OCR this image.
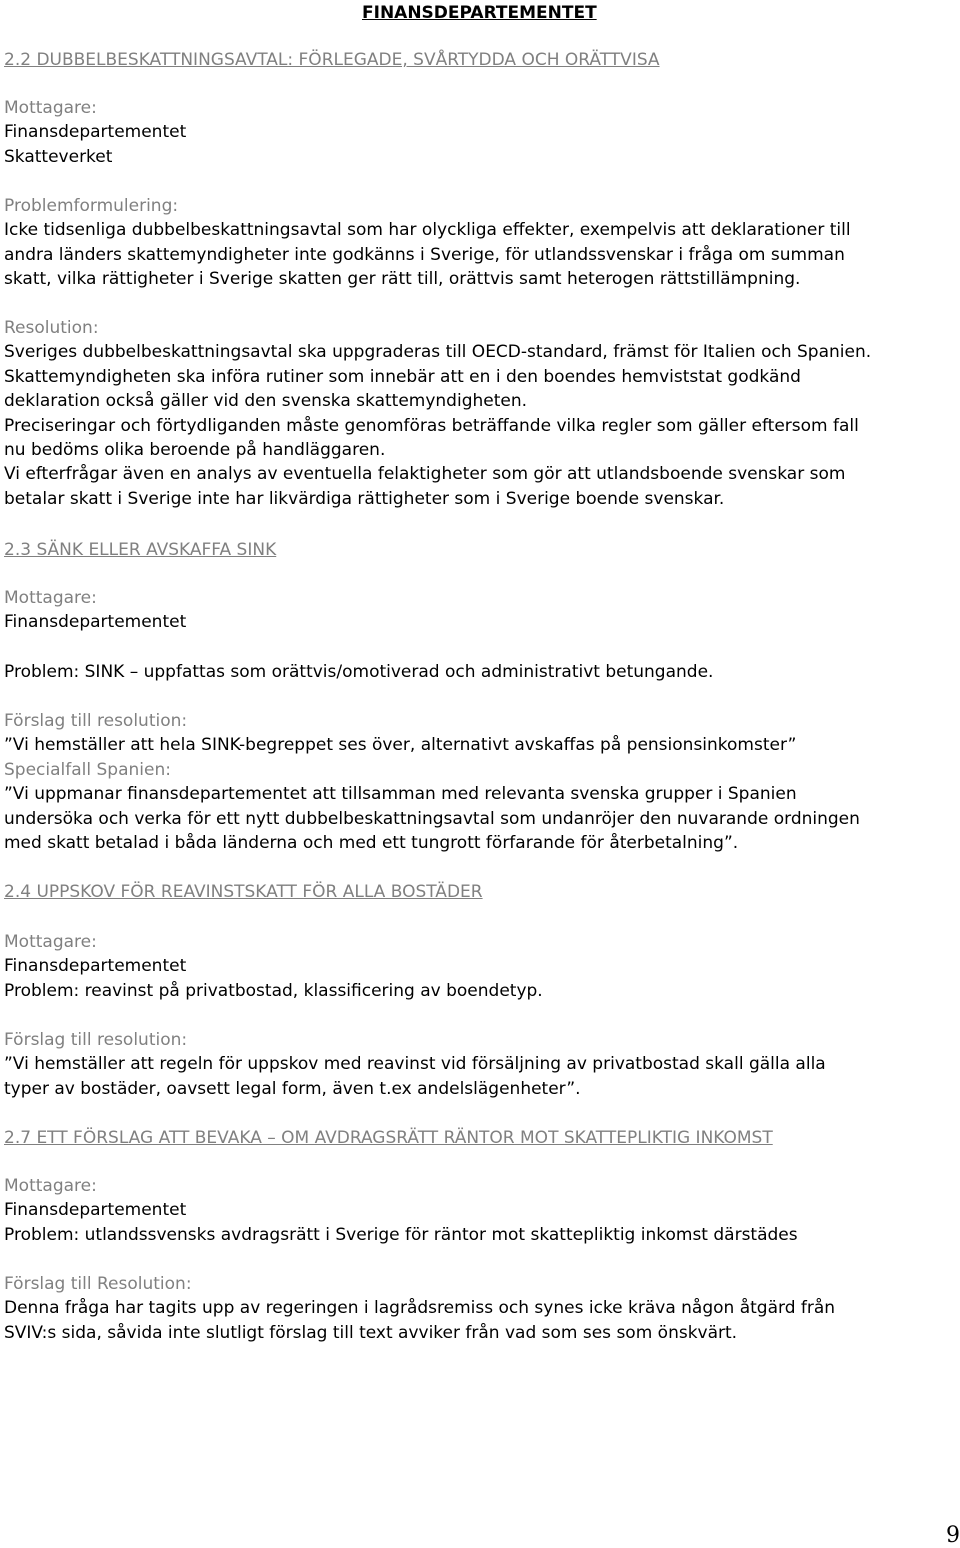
FINANSDEPARTEMENTET
2.2 DUBBELBESKATTNINGSAVTAL: FÖRLEGADE, SVÅRTYDDA OCH ORÄTTVISA
Mottagare:
Finansdepartementet
Skatteverket
Problemformulering:
Icke tidsenliga dubbelbeskattningsavtal som har olyckliga effekter, exempelvis att deklarationer till
andra länders skattemyndigheter inte godkänns i Sverige, för utlandssvenskar i fråga om summan
skatt, vilka rättigheter i Sverige skatten ger rätt till, orättvis samt heterogen rättstillämpning.
Resolution:
Sveriges dubbelbeskattningsavtal ska uppgraderas till OECD-standard, främst för Italien och Spanien.
Skattemyndigheten ska införa rutiner som innebär att en i den boendes hemviststat godkänd
deklaration också gäller vid den svenska skattemyndigheten.
Preciseringar och förtydliganden måste genomföras beträffande vilka regler som gäller eftersom fall
nu bedöms olika beroende på handläggaren.
Vi efterfrågar även en analys av eventuella felaktigheter som gör att utlandsboende svenskar som
betalar skatt i Sverige inte har likvärdiga rättigheter som i Sverige boende svenskar.
2.3 SÄNK ELLER AVSKAFFA SINK
Mottagare:
Finansdepartementet
Problem: SINK – uppfattas som orättvis/omotiverad och administrativt betungande.
Förslag till resolution:
”Vi hemställer att hela SINK-begreppet ses över, alternativt avskaffas på pensionsinkomster”
Specialfall Spanien:
”Vi uppmanar finansdepartementet att tillsamman med relevanta svenska grupper i Spanien
undersöka och verka för ett nytt dubbelbeskattningsavtal som undanröjer den nuvarande ordningen
med skatt betalad i båda länderna och med ett tungrott förfarande för återbetalning”.
2.4 UPPSKOV FÖR REAVINSTSKATT FÖR ALLA BOSTÄDER
Mottagare:
Finansdepartementet
Problem: reavinst på privatbostad, klassificering av boendetyp.
Förslag till resolution:
”Vi hemställer att regeln för uppskov med reavinst vid försäljning av privatbostad skall gälla alla
typer av bostäder, oavsett legal form, även t.ex andelslägenheter”.
2.7 ETT FÖRSLAG ATT BEVAKA – OM AVDRAGSRÄTT RÄNTOR MOT SKATTEPLIKTIG INKOMST
Mottagare:
Finansdepartementet
Problem: utlandssvensks avdragsrätt i Sverige för räntor mot skattepliktig inkomst därstädes
Förslag till Resolution:
Denna fråga har tagits upp av regeringen i lagrådsremiss och synes icke kräva någon åtgärd från
SVIV:s sida, såvida inte slutligt förslag till text avviker från vad som ses som önskvärt.
9
